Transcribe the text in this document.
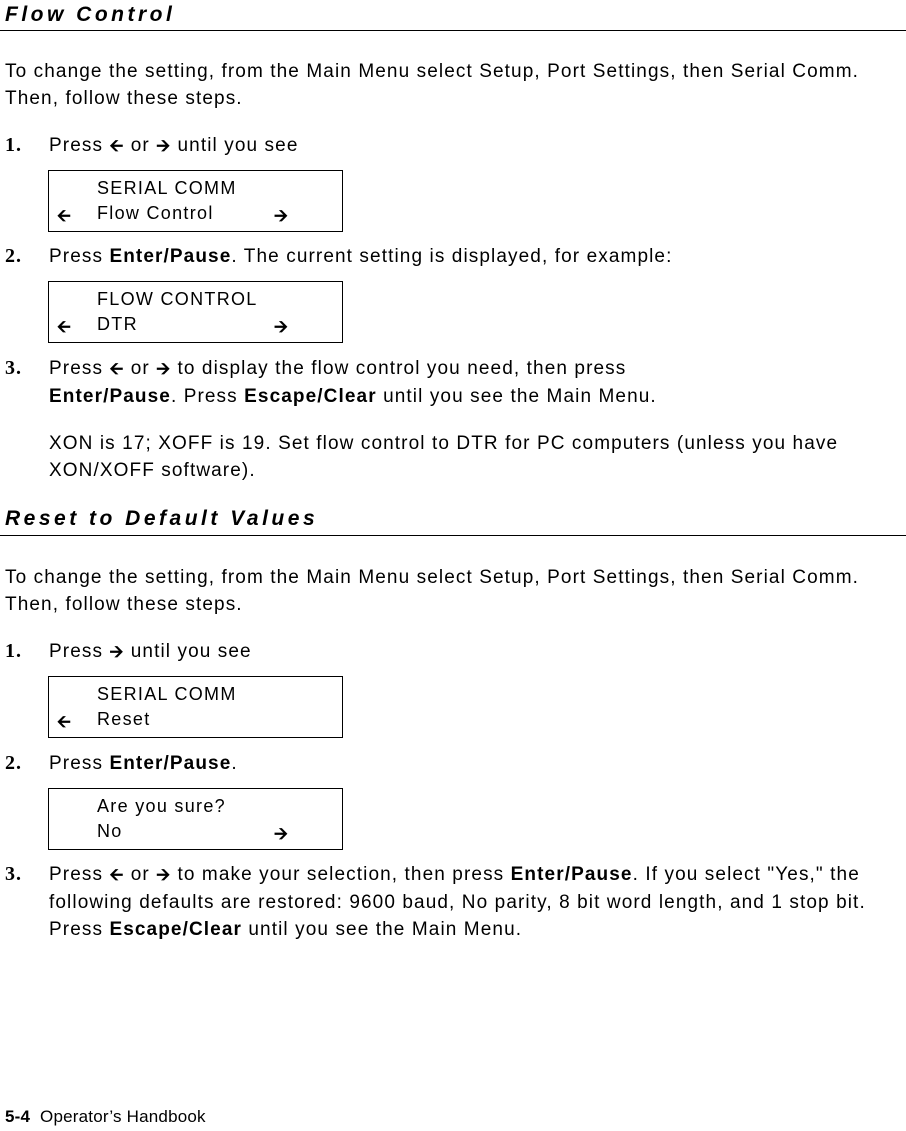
Flow Control

To change the setting, from the Main Menu select Setup, Port Settings, then Serial Comm. Then, follow these steps.

1. Press 🡨 or 🡪 until you see
SERIAL COMM
🡨 Flow Control	🡪
2. Press Enter/Pause. The current setting is displayed, for example:
FLOW CONTROL
🡨 DTR	🡪
3. Press 🡨 or 🡪 to display the flow control you need, then press
Enter/Pause. Press Escape/Clear until you see the Main Menu.

XON is 17; XOFF is 19. Set flow control to DTR for PC computers (unless you have XON/XOFF software).

Reset to Default Values

To change the setting, from the Main Menu select Setup, Port Settings, then Serial Comm. Then, follow these steps.

1. Press 🡪 until you see
SERIAL COMM
🡨 Reset
2. Press Enter/Pause.
Are you sure?
No	🡪
3. Press 🡨 or 🡪 to make your selection, then press Enter/Pause. If you select "Yes," the following defaults are restored: 9600 baud, No parity, 8 bit word length, and 1 stop bit. Press Escape/Clear until you see the Main Menu.
5-4 Operator’s Handbook
